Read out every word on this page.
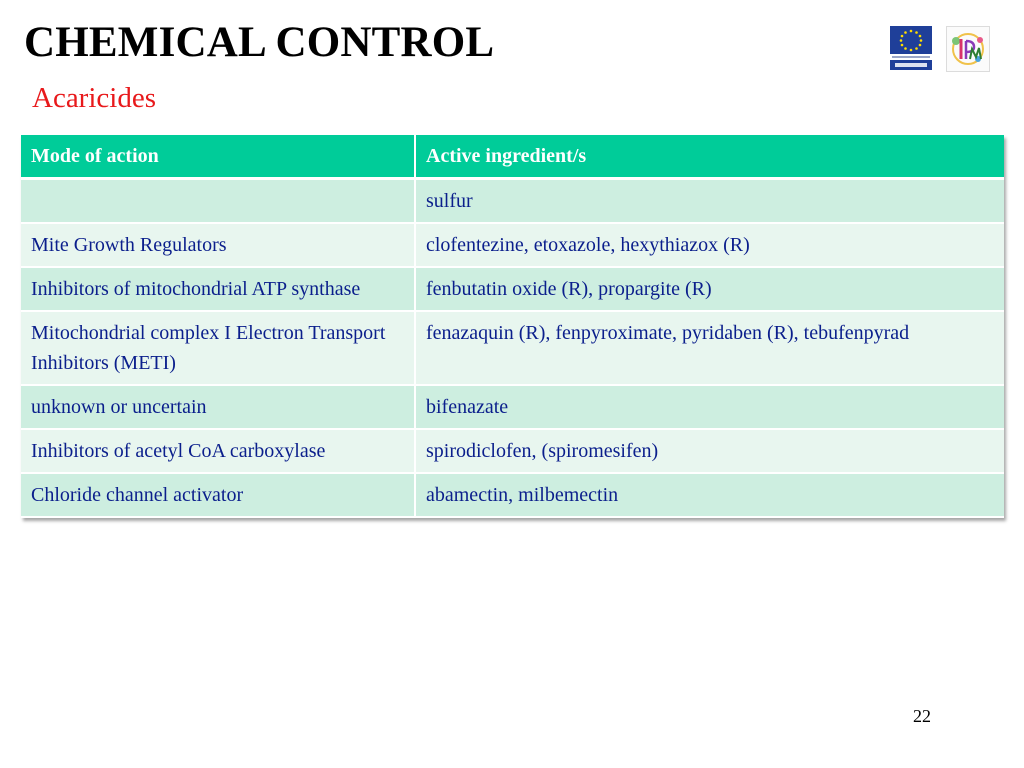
CHEMICAL CONTROL
Acaricides
Mode of action	Active ingredient/s
	sulfur
Mite Growth Regulators	clofentezine, etoxazole, hexythiazox (R)
Inhibitors of mitochondrial ATP synthase	fenbutatin oxide (R), propargite (R)
Mitochondrial complex I Electron Transport Inhibitors (METI)	fenazaquin (R), fenpyroximate, pyridaben (R), tebufenpyrad
unknown or uncertain	bifenazate
Inhibitors of acetyl CoA carboxylase	spirodiclofen, (spiromesifen)
Chloride channel activator	abamectin, milbemectin
22
